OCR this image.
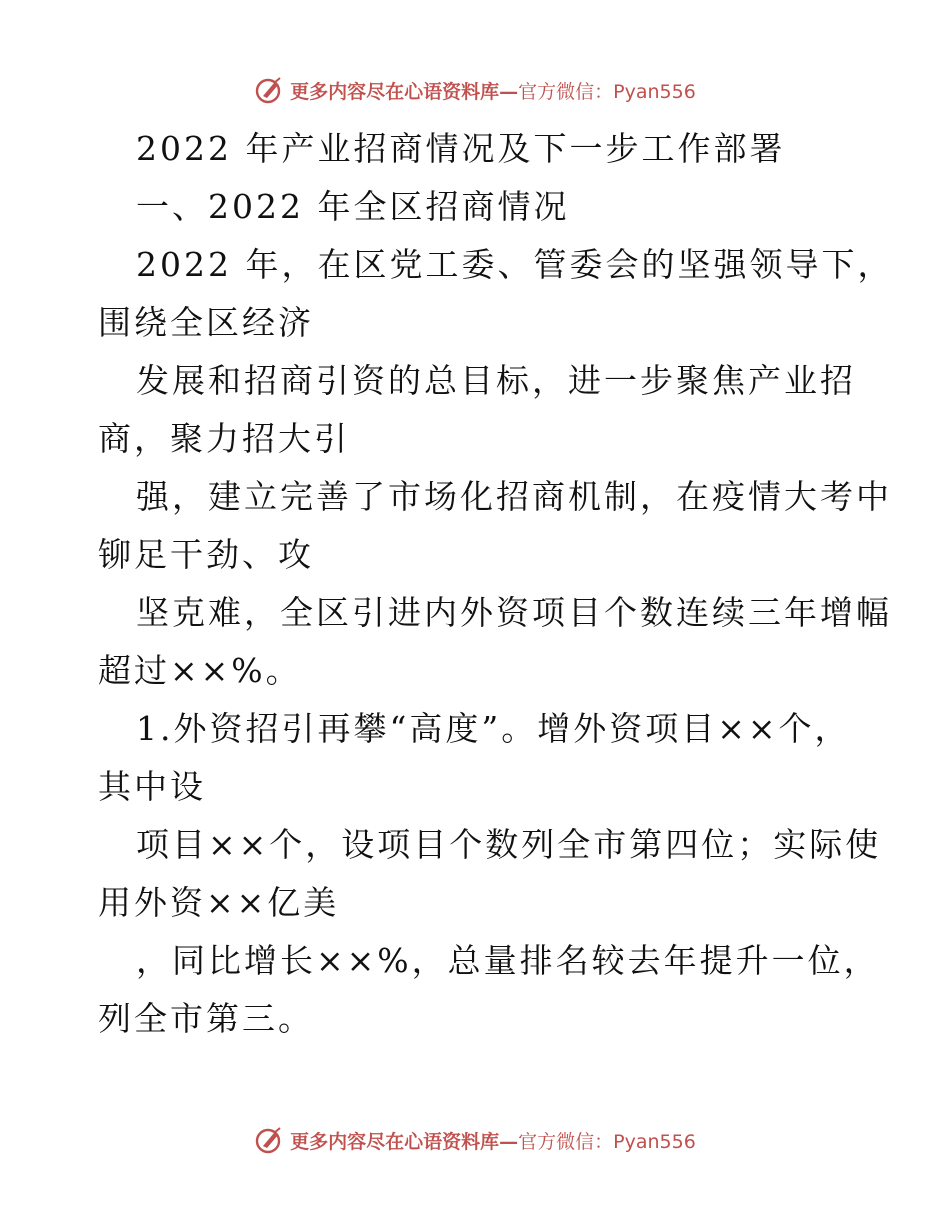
更多内容尽在心语资料库— 官方微信：Pyan556
2022 年产业招商情况及下一步工作部署
一、2022 年全区招商情况
2022 年，在区党工委、管委会的坚强领导下，
围绕全区经济
发展和招商引资的总目标，进一步聚焦产业招
商，聚力招大引
强，建立完善了市场化招商机制，在疫情大考中
铆足干劲、攻
坚克难，全区引进内外资项目个数连续三年增幅
超过××%。
1.外资招引再攀“高度”。增外资项目××个，
其中设
项目××个，设项目个数列全市第四位；实际使
用外资××亿美
，同比增长××%，总量排名较去年提升一位，
列全市第三。
更多内容尽在心语资料库— 官方微信：Pyan556
